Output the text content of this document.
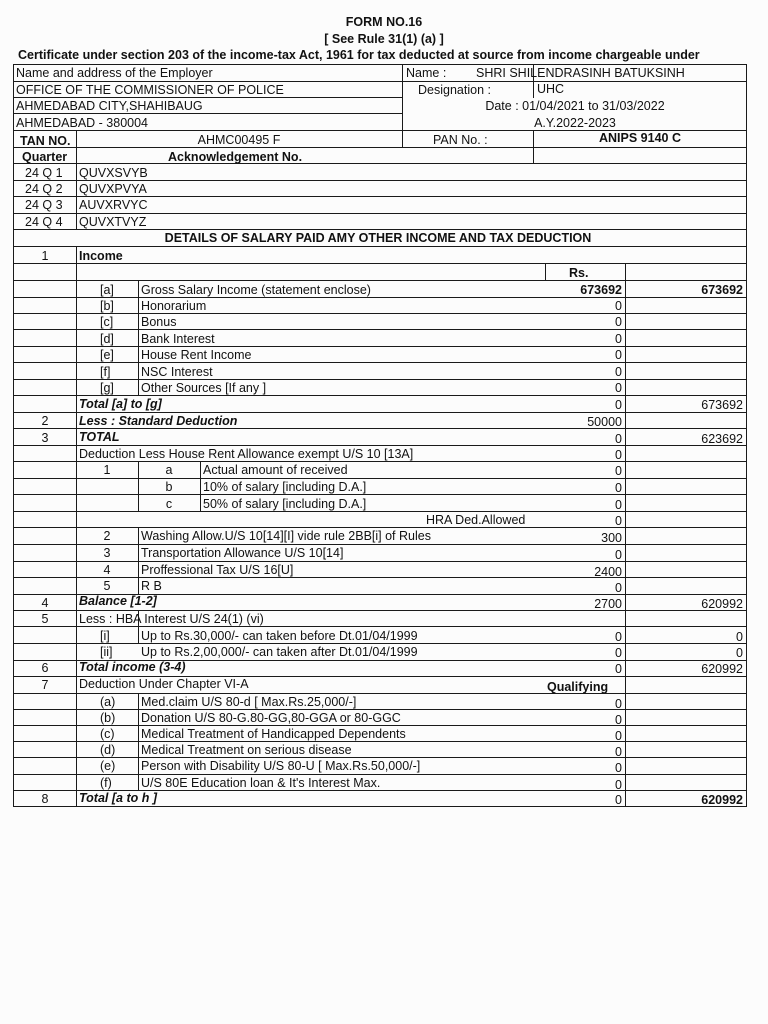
FORM NO.16
[ See Rule 31(1) (a) ]
Certificate under section 203 of the income-tax Act, 1961 for tax deducted at source from income chargeable under
Name and address of the Employer
OFFICE OF THE COMMISSIONER OF POLICE
AHMEDABAD CITY,SHAHIBAUG
AHMEDABAD - 380004
Name : SHRI SHILENDRASINH BATUKSINH
Designation :	UHC
Date : 01/04/2021 to 31/03/2022
A.Y.2022-2023
TAN NO.	AHMC00495 F	PAN No. :	ANIPS 9140 C
Quarter	Acknowledgement No.
24 Q 1 QUVXSVYB
24 Q 2 QUVXPVYA
24 Q 3 AUVXRVYC
24 Q 4 QUVXTVYZ
DETAILS OF SALARY PAID AMY OTHER INCOME AND TAX DEDUCTION
1	Income
Rs.
[a] Gross Salary Income (statement enclose)	673692	673692
[b] Honorarium	0
[c] Bonus	0
[d] Bank Interest	0
[e] House Rent Income	0
[f] NSC Interest	0
[g] Other Sources [If any ]	0
Total [a] to [g]	0	673692
2	Less : Standard Deduction	50000
3	TOTAL	0	623692
Deduction Less House Rent Allowance exempt U/S 10 [13A]	0
1	a	Actual amount of received	0
b	10% of salary [including D.A.]	0
c	50% of salary [including D.A.]	0
HRA Ded.Allowed	0
2	Washing Allow.U/S 10[14][I] vide rule 2BB[i] of Rules	300
3	Transportation Allowance U/S 10[14]	0
4	Proffessional Tax U/S 16[U]	2400
5	R B	0
4	Balance [1-2]	2700	620992
5	Less : HBA Interest U/S 24(1) (vi)
[i]	Up to Rs.30,000/- can taken before Dt.01/04/1999	0	0
[ii] Up to Rs.2,00,000/- can taken after Dt.01/04/1999	0	0
6	Total income (3-4)	0	620992
7	Deduction Under Chapter VI-A	Qualifying
(a) Med.claim U/S 80-d [ Max.Rs.25,000/-]	0
(b) Donation U/S 80-G.80-GG,80-GGA or 80-GGC	0
(c) Medical Treatment of Handicapped Dependents	0
(d) Medical Treatment on serious disease	0
(e) Person with Disability U/S 80-U [ Max.Rs.50,000/-]	0
(f) U/S 80E Education loan & It's Interest Max.	0
8	Total [a to h ]	0	620992
